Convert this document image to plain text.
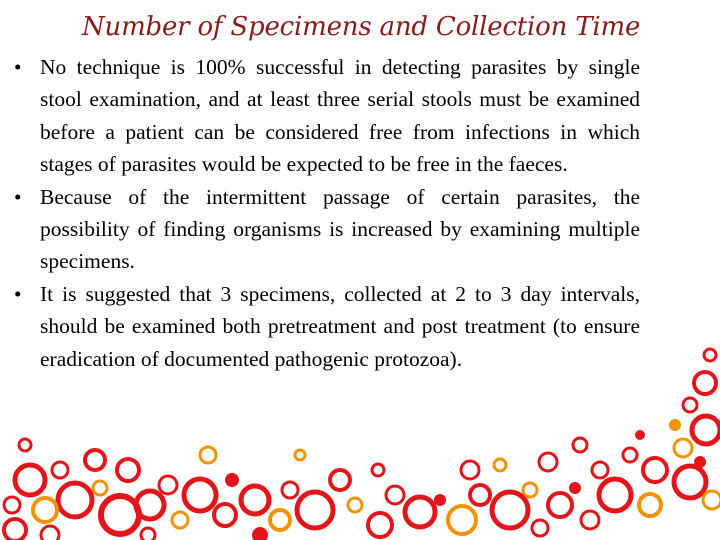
Number of Specimens and Collection Time
• No technique is 100% successful in detecting parasites by single stool examination, and at least three serial stools must be examined before a patient can be considered free from infections in which stages of parasites would be expected to be free in the faeces.
• Because of the intermittent passage of certain parasites, the possibility of finding organisms is increased by examining multiple specimens.
• It is suggested that 3 specimens, collected at 2 to 3 day intervals, should be examined both pretreatment and post treatment (to ensure eradication of documented pathogenic protozoa).
fppt.com
